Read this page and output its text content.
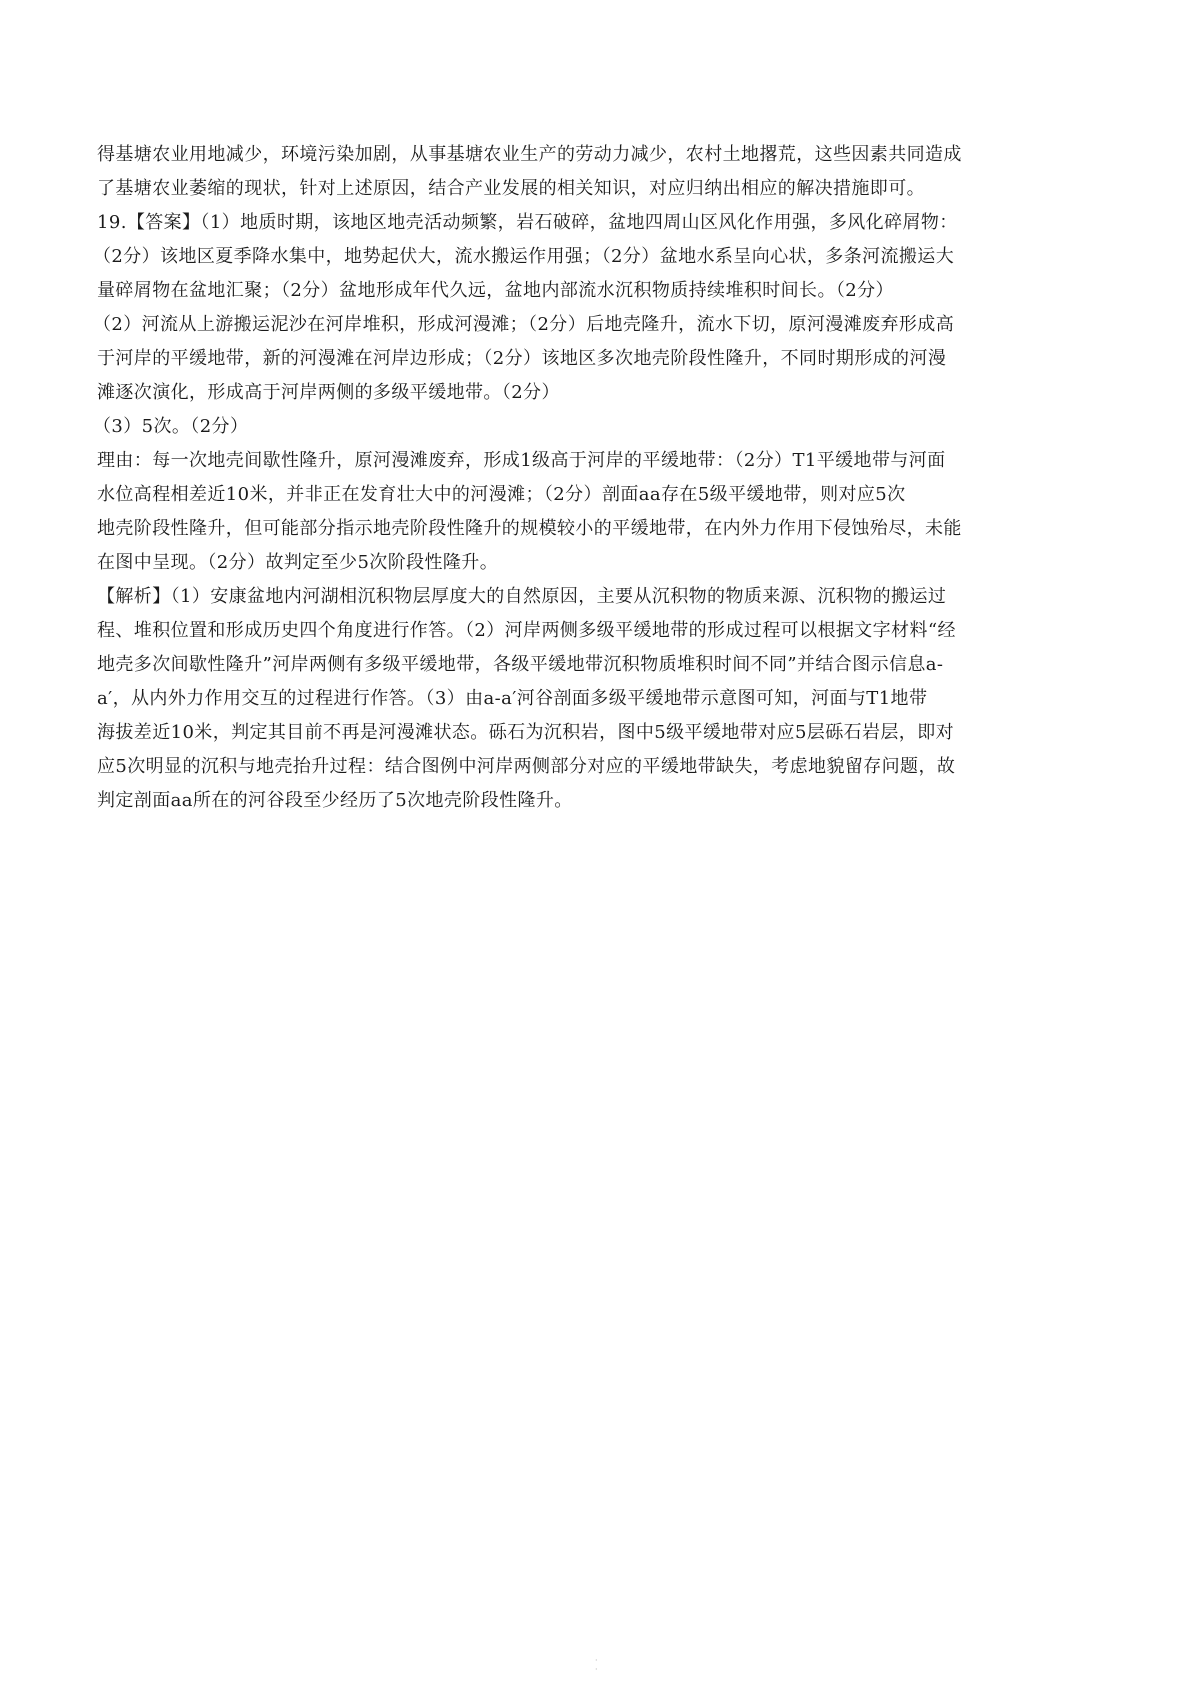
得基塘农业用地减少，环境污染加剧，从事基塘农业生产的劳动力减少，农村土地撂荒，这些因素共同造成
了基塘农业萎缩的现状，针对上述原因，结合产业发展的相关知识，对应归纳出相应的解决措施即可。
19.【答案】（1）地质时期，该地区地壳活动频繁，岩石破碎，盆地四周山区风化作用强，多风化碎屑物：
（2分）该地区夏季降水集中，地势起伏大，流水搬运作用强；（2分）盆地水系呈向心状，多条河流搬运大
量碎屑物在盆地汇聚；（2分）盆地形成年代久远，盆地内部流水沉积物质持续堆积时间长。（2分）
（2）河流从上游搬运泥沙在河岸堆积，形成河漫滩；（2分）后地壳隆升，流水下切，原河漫滩废弃形成高
于河岸的平缓地带，新的河漫滩在河岸边形成；（2分）该地区多次地壳阶段性隆升，不同时期形成的河漫
滩逐次演化，形成高于河岸两侧的多级平缓地带。（2分）
（3）5次。（2分）
理由：每一次地壳间歇性隆升，原河漫滩废弃，形成1级高于河岸的平缓地带：（2分）T1平缓地带与河面
水位高程相差近10米，并非正在发育壮大中的河漫滩；（2分）剖面aa存在5级平缓地带，则对应5次
地壳阶段性隆升，但可能部分指示地壳阶段性隆升的规模较小的平缓地带，在内外力作用下侵蚀殆尽，未能
在图中呈现。（2分）故判定至少5次阶段性隆升。
【解析】（1）安康盆地内河湖相沉积物层厚度大的自然原因，主要从沉积物的物质来源、沉积物的搬运过
程、堆积位置和形成历史四个角度进行作答。（2）河岸两侧多级平缓地带的形成过程可以根据文字材料“经
地壳多次间歇性隆升”河岸两侧有多级平缓地带，各级平缓地带沉积物质堆积时间不同”并结合图示信息a-
a′，从内外力作用交互的过程进行作答。（3）由a-a′河谷剖面多级平缓地带示意图可知，河面与T1地带
海拔差近10米，判定其目前不再是河漫滩状态。砾石为沉积岩，图中5级平缓地带对应5层砾石岩层，即对
应5次明显的沉积与地壳抬升过程：结合图例中河岸两侧部分对应的平缓地带缺失，考虑地貌留存问题，故
判定剖面aa所在的河谷段至少经历了5次地壳阶段性隆升。
· ·
